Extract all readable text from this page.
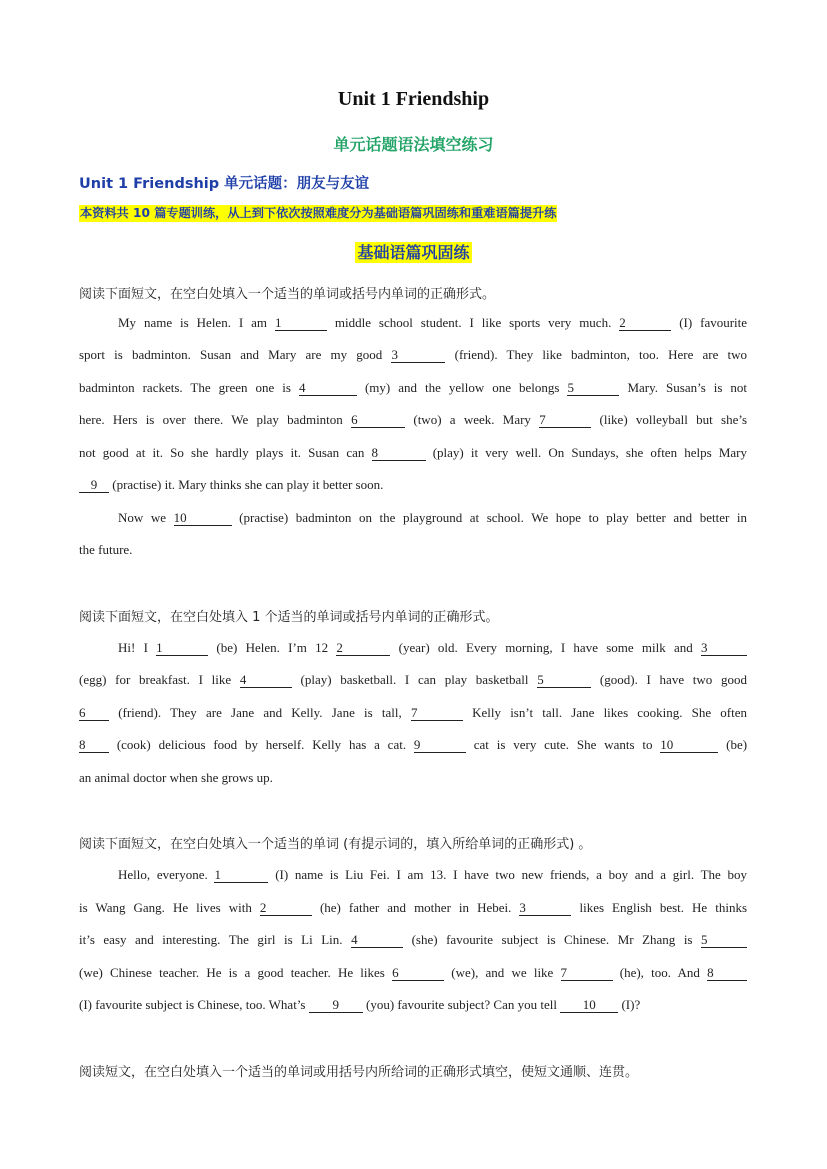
Unit 1 Friendship
单元话题语法填空练习
Unit 1 Friendship 单元话题：朋友与友谊
本资料共 10 篇专题训练，从上到下依次按照难度分为基础语篇巩固练和重难语篇提升练
基础语篇巩固练
阅读下面短文，在空白处填入一个适当的单词或括号内单词的正确形式。
My name is Helen. I am 1	middle school student. I like sports very much. 2	(I) favourite
sport is badminton. Susan and Mary are my good 3	(friend). They like badminton, too. Here are two
badminton rackets. The green one is 4	(my) and the yellow one belongs 5	Mary. Susan’s is not
here. Hers is over there. We play badminton 6	(two) a week. Mary 7	(like) volleyball but she’s
not good at it. So she hardly plays it. Susan can 8	(play) it very well. On Sundays, she often helps Mary
9 (practise) it. Mary thinks she can play it better soon.
Now we 10	(practise) badminton on the playground at school. We hope to play better and better in
the future.
阅读下面短文，在空白处填入 1 个适当的单词或括号内单词的正确形式。
Hi! I 1	(be) Helen. I’m 12 2	(year) old. Every morning, I have some milk and 3
(egg) for breakfast. I like 4	(play) basketball. I can play basketball 5	(good). I have two good
6	(friend). They are Jane and Kelly. Jane is tall, 7	Kelly isn’t tall. Jane likes cooking. She often
8 (cook) delicious food by herself. Kelly has a cat. 9	cat is very cute. She wants to 10	(be)
an animal doctor when she grows up.
阅读下面短文，在空白处填入一个适当的单词 (有提示词的，填入所给单词的正确形式) 。
Hello, everyone. 1	(I) name is Liu Fei. I am 13. I have two new friends, a boy and a girl. The boy
is Wang Gang. He lives with 2	(he) father and mother in Hebei. 3	likes English best. He thinks
it’s easy and interesting. The girl is Li Lin. 4	(she) favourite subject is Chinese. Mr Zhang is 5
(we) Chinese teacher. He is a good teacher. He likes 6	(we), and we like 7	(he), too. And 8
(I) favourite subject is Chinese, too. What’s 9 (you) favourite subject? Can you tell 10 (I)?
阅读短文，在空白处填入一个适当的单词或用括号内所给词的正确形式填空，使短文通顺、连贯。
